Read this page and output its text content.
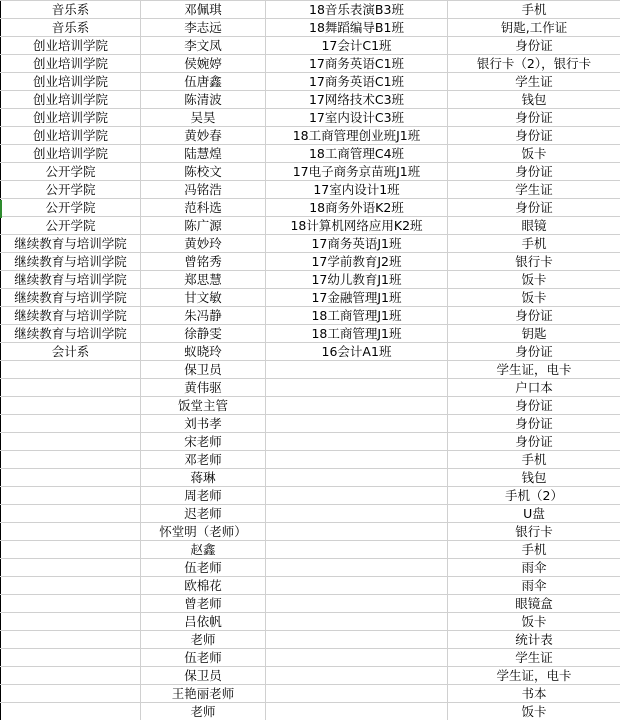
音乐系	邓佩琪	18音乐表演B3班	手机
音乐系	李志远	18舞蹈编导B1班	钥匙,工作证
创业培训学院	李文凤	17会计C1班	身份证
创业培训学院	侯婉婷	17商务英语C1班	银行卡（2），银行卡
创业培训学院	伍唐鑫	17商务英语C1班	学生证
创业培训学院	陈清波	17网络技术C3班	钱包
创业培训学院	吴昊	17室内设计C3班	身份证
创业培训学院	黄妙春	18工商管理创业班J1班	身份证
创业培训学院	陆慧煌	18工商管理C4班	饭卡
公开学院	陈校文	17电子商务京苗班J1班	身份证
公开学院	冯铭浩	17室内设计1班	学生证
公开学院	范科选	18商务外语K2班	身份证
公开学院	陈广源	18计算机网络应用K2班	眼镜
继续教育与培训学院	黄妙玲	17商务英语J1班	手机
继续教育与培训学院	曾铭秀	17学前教育J2班	银行卡
继续教育与培训学院	郑思慧	17幼儿教育J1班	饭卡
继续教育与培训学院	甘文敏	17金融管理J1班	饭卡
继续教育与培训学院	朱冯静	18工商管理J1班	身份证
继续教育与培训学院	徐静雯	18工商管理J1班	钥匙
会计系	蚁晓玲	16会计A1班	身份证
	保卫员		学生证，电卡
	黄伟驱		户口本
	饭堂主管		身份证
	刘书孝		身份证
	宋老师		身份证
	邓老师		手机
	蒋琳		钱包
	周老师		手机（2）
	迟老师		U盘
	怀堂明（老师）		银行卡
	赵鑫		手机
	伍老师		雨伞
	欧棉花		雨伞
	曾老师		眼镜盒
	吕依帆		饭卡
	老师		统计表
	伍老师		学生证
	保卫员		学生证，电卡
	王艳丽老师		书本
	老师		饭卡
